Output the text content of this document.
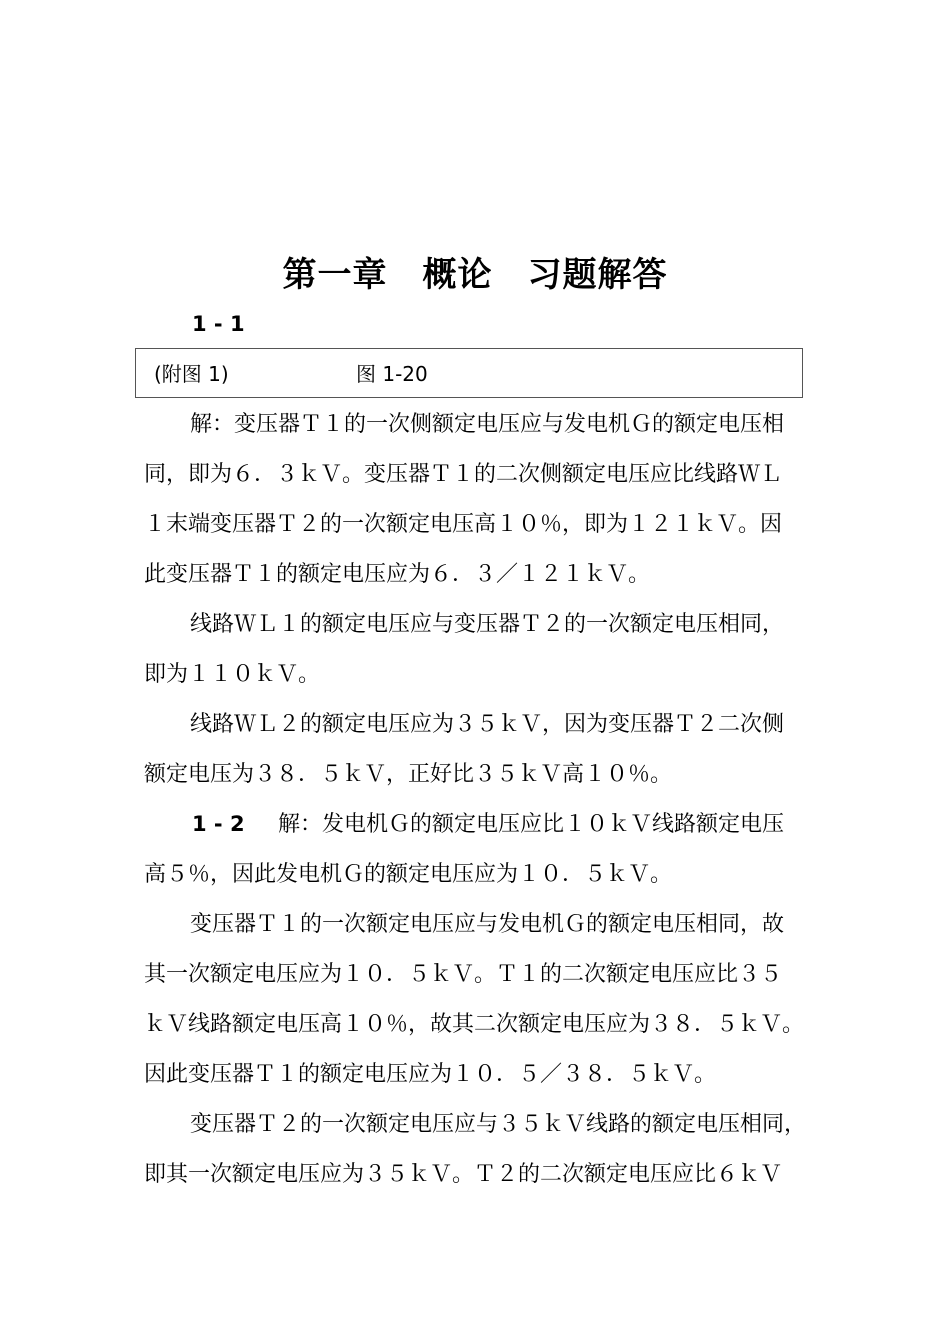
第一章　概论　习题解答
1 - 1
(附图 1)	图 1-20
解：变压器Ｔ１的一次侧额定电压应与发电机Ｇ的额定电压相
同，即为６．３ｋＶ。变压器Ｔ１的二次侧额定电压应比线路ＷＬ
１末端变压器Ｔ２的一次额定电压高１０％，即为１２１ｋＶ。因
此变压器Ｔ１的额定电压应为６．３／１２１ｋＶ。
线路ＷＬ１的额定电压应与变压器Ｔ２的一次额定电压相同，
即为１１０ｋＶ。
线路ＷＬ２的额定电压应为３５ｋＶ，因为变压器Ｔ２二次侧
额定电压为３８．５ｋＶ，正好比３５ｋＶ高１０％。
1 - 2 解：发电机Ｇ的额定电压应比１０ｋＶ线路额定电压
高５％，因此发电机Ｇ的额定电压应为１０．５ｋＶ。
变压器Ｔ１的一次额定电压应与发电机Ｇ的额定电压相同，故
其一次额定电压应为１０．５ｋＶ。Ｔ１的二次额定电压应比３５
ｋＶ线路额定电压高１０％，故其二次额定电压应为３８．５ｋＶ。
因此变压器Ｔ１的额定电压应为１０．５／３８．５ｋＶ。
变压器Ｔ２的一次额定电压应与３５ｋＶ线路的额定电压相同，
即其一次额定电压应为３５ｋＶ。Ｔ２的二次额定电压应比６ｋＶ
